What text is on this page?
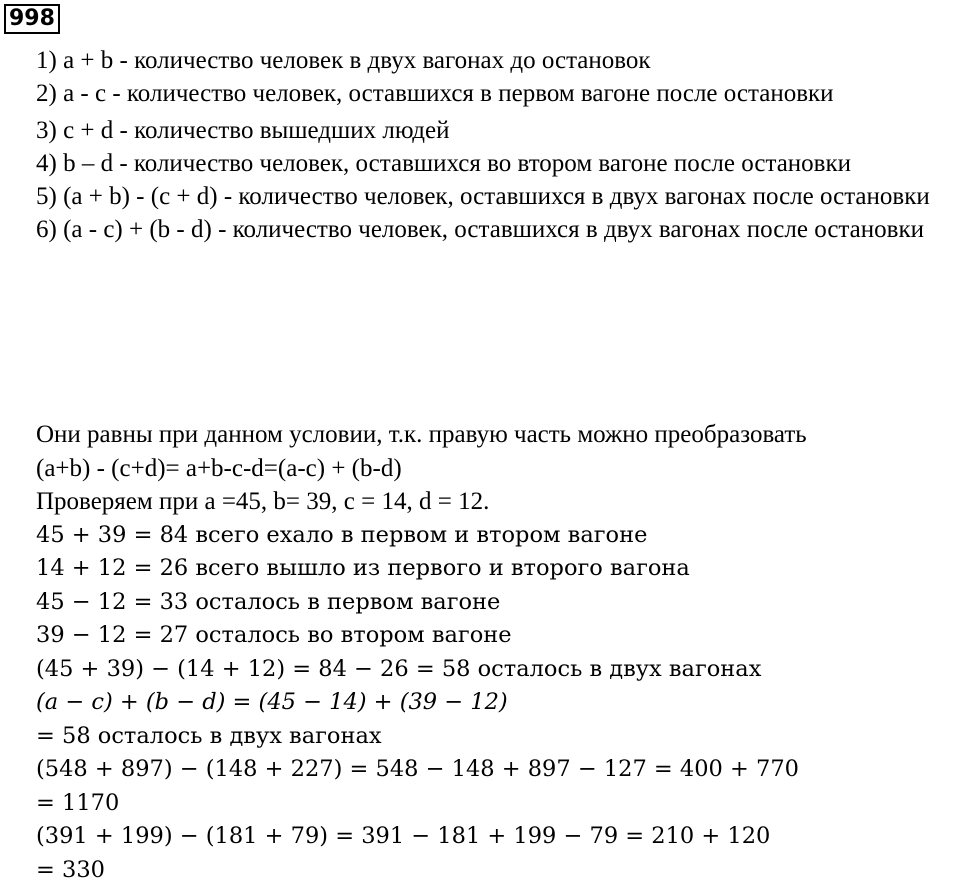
998

1) a + b - количество человек в двух вагонах до остановок

2) a - c - количество человек, оставшихся в первом вагоне после остановки

3) c + d - количество вышедших людей

4) b – d - количество человек, оставшихся во втором вагоне после остановки

5) (a + b) - (c + d) - количество человек, оставшихся в двух вагонах после остановки

6) (a - c) + (b - d) - количество человек, оставшихся в двух вагонах после остановки

Они равны при данном условии, т.к. правую часть можно преобразовать

(a+b) - (c+d)= a+b-c-d=(a-c) + (b-d)

Проверяем при a =45, b= 39, c = 14, d = 12.

45 + 39 = 84 всего ехало в первом и втором вагоне

14 + 12 = 26 всего вышло из первого и второго вагона

45 − 12 = 33 осталось в первом вагоне

39 − 12 = 27 осталось во втором вагоне

(45 + 39) − (14 + 12) = 84 − 26 = 58 осталось в двух вагонах

(a − c) + (b − d) = (45 − 14) + (39 − 12)

= 58 осталось в двух вагонах

(548 + 897) − (148 + 227) = 548 − 148 + 897 − 127 = 400 + 770

= 1170

(391 + 199) − (181 + 79) = 391 − 181 + 199 − 79 = 210 + 120

= 330
